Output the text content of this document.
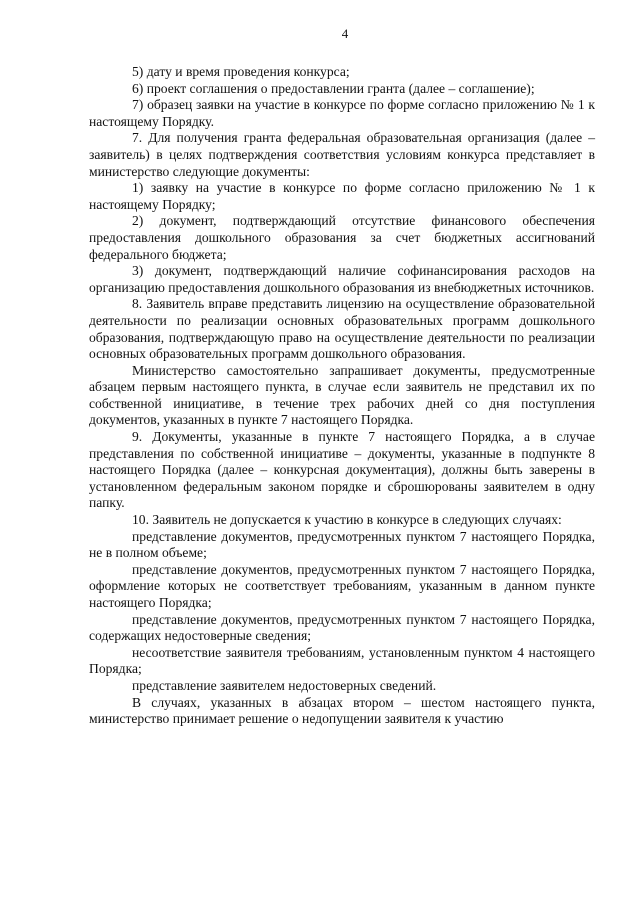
4

5) дату и время проведения конкурса;

6) проект соглашения о предоставлении гранта (далее – соглашение);

7) образец заявки на участие в конкурсе по форме согласно приложению № 1 к настоящему Порядку.

7. Для получения гранта федеральная образовательная организация (далее – заявитель) в целях подтверждения соответствия условиям конкурса представляет в министерство следующие документы:

1) заявку на участие в конкурсе по форме согласно приложению № 1 к настоящему Порядку;

2) документ, подтверждающий отсутствие финансового обеспечения предоставления дошкольного образования за счет бюджетных ассигнований федерального бюджета;

3) документ, подтверждающий наличие софинансирования расходов на организацию предоставления дошкольного образования из внебюджетных источников.

8. Заявитель вправе представить лицензию на осуществление образовательной деятельности по реализации основных образовательных программ дошкольного образования, подтверждающую право на осуществление деятельности по реализации основных образовательных программ дошкольного образования.

Министерство самостоятельно запрашивает документы, предусмотренные абзацем первым настоящего пункта, в случае если заявитель не представил их по собственной инициативе, в течение трех рабочих дней со дня поступления документов, указанных в пункте 7 настоящего Порядка.

9. Документы, указанные в пункте 7 настоящего Порядка, а в случае представления по собственной инициативе – документы, указанные в подпункте 8 настоящего Порядка (далее – конкурсная документация), должны быть заверены в установленном федеральным законом порядке и сброшюрованы заявителем в одну папку.

10. Заявитель не допускается к участию в конкурсе в следующих случаях:

представление документов, предусмотренных пунктом 7 настоящего Порядка, не в полном объеме;

представление документов, предусмотренных пунктом 7 настоящего Порядка, оформление которых не соответствует требованиям, указанным в данном пункте настоящего Порядка;

представление документов, предусмотренных пунктом 7 настоящего Порядка, содержащих недостоверные сведения;

несоответствие заявителя требованиям, установленным пунктом 4 настоящего Порядка;

представление заявителем недостоверных сведений.

В случаях, указанных в абзацах втором – шестом настоящего пункта, министерство принимает решение о недопущении заявителя к участию
